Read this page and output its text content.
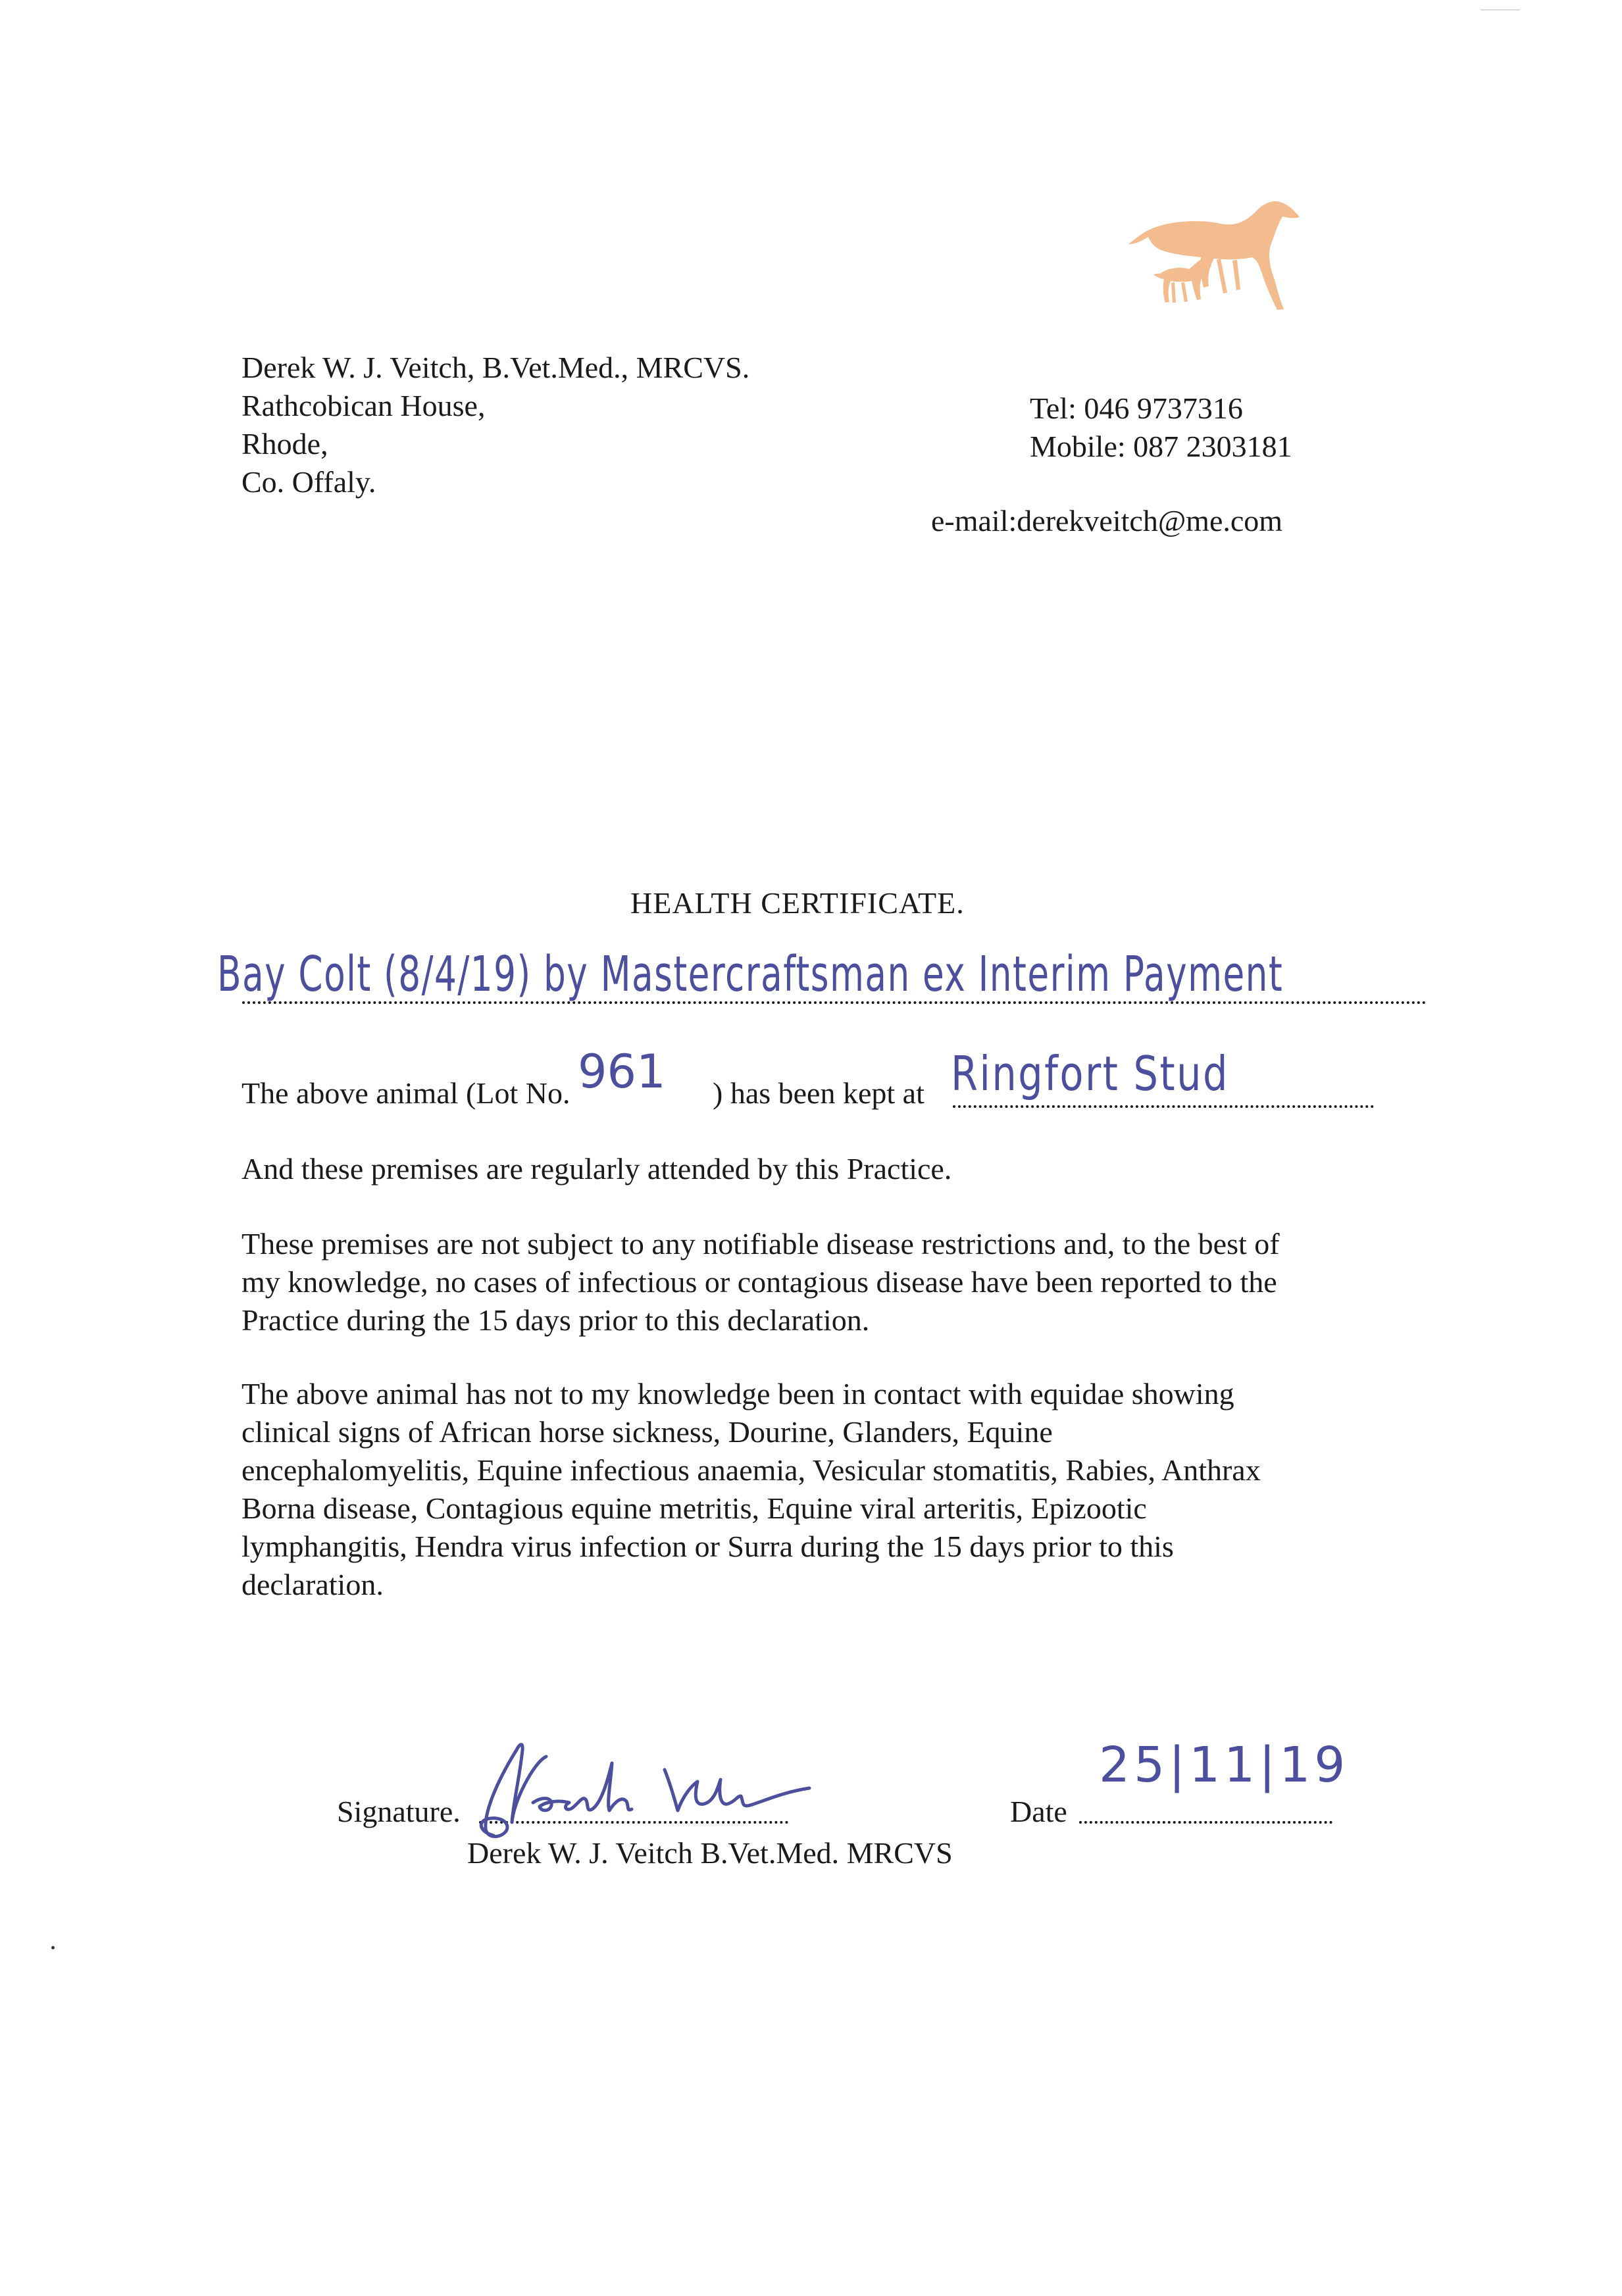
Derek W. J. Veitch, B.Vet.Med., MRCVS.
Rathcobican House,
Rhode,
Co. Offaly.
Tel: 046 9737316
Mobile: 087 2303181
e-mail:derekveitch@me.com
HEALTH CERTIFICATE.
Bay Colt (8/4/19) by Mastercraftsman ex Interim Payment
The above animal (Lot No. 961 ) has been kept at Ringfort Stud
And these premises are regularly attended by this Practice.
These premises are not subject to any notifiable disease restrictions and, to the best of
my knowledge, no cases of infectious or contagious disease have been reported to the
Practice during the 15 days prior to this declaration.
The above animal has not to my knowledge been in contact with equidae showing
clinical signs of African horse sickness, Dourine, Glanders, Equine
encephalomyelitis, Equine infectious anaemia, Vesicular stomatitis, Rabies, Anthrax
Borna disease, Contagious equine metritis, Equine viral arteritis, Epizootic
lymphangitis, Hendra virus infection or Surra during the 15 days prior to this
declaration.
Signature.	Date
25|11|19
Derek W. J. Veitch B.Vet.Med. MRCVS
